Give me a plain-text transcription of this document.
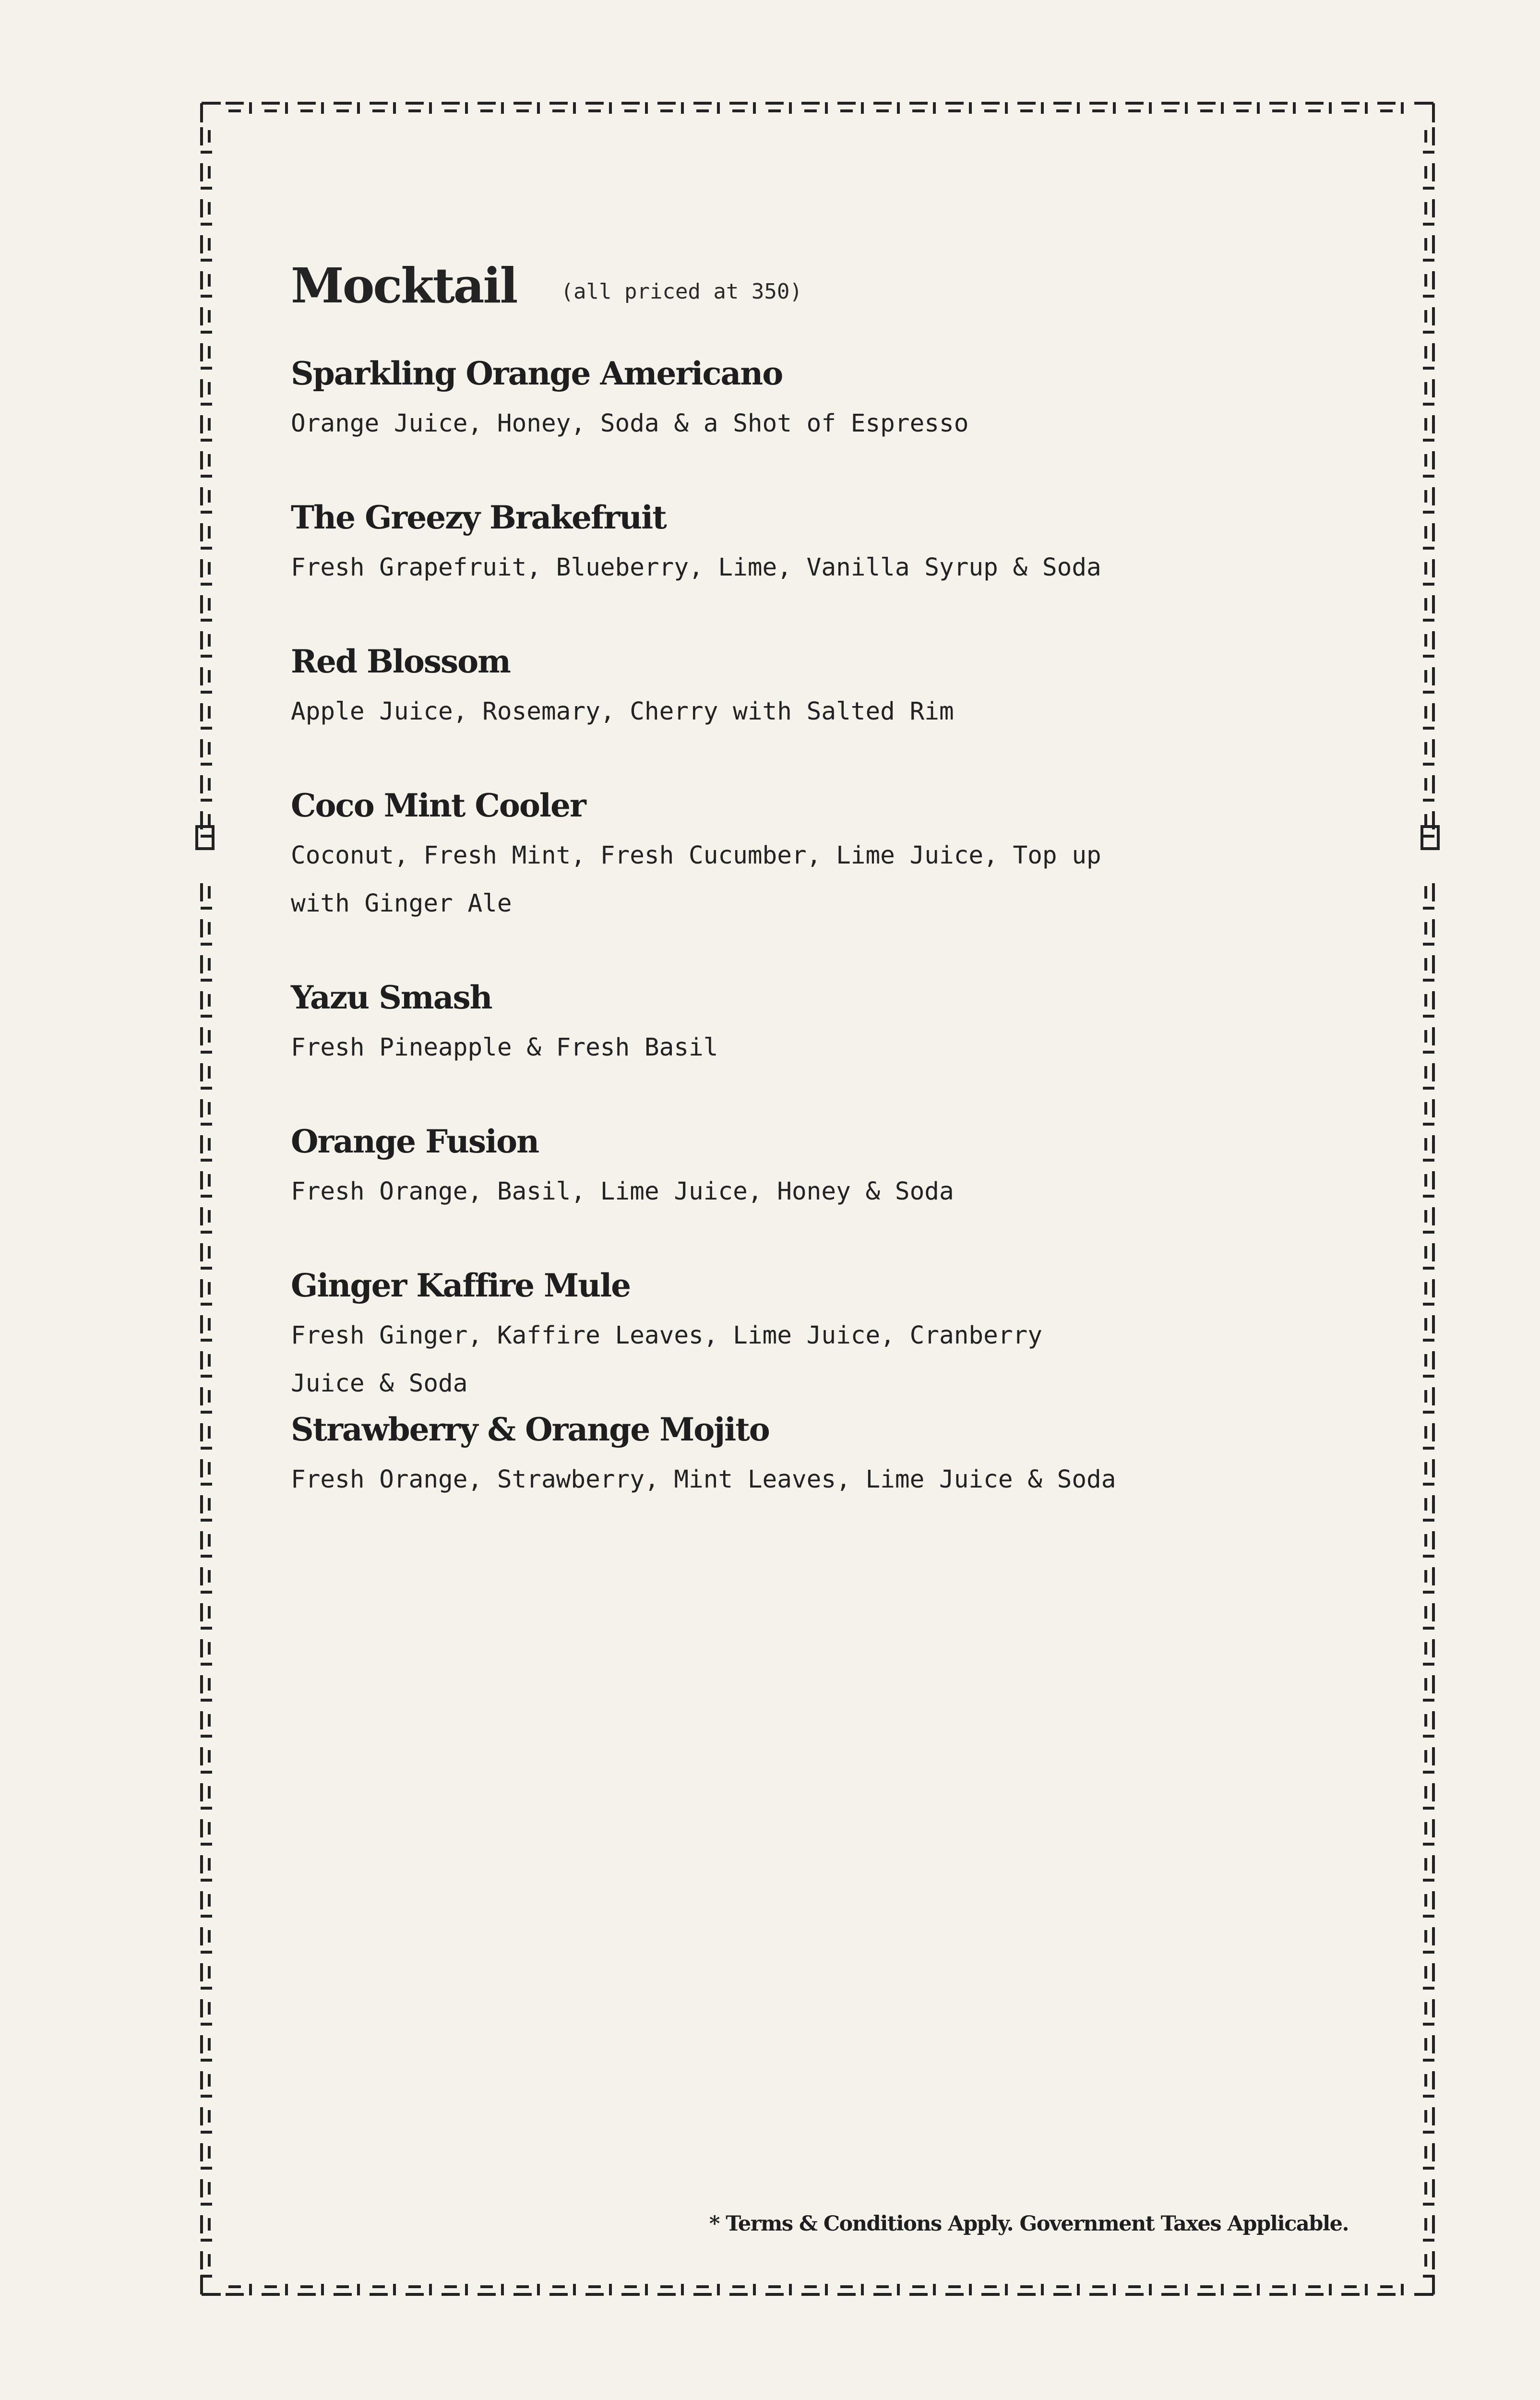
Mocktail (all priced at 350)
Sparkling Orange Americano
Orange Juice, Honey, Soda & a Shot of Espresso
The Greezy Brakefruit
Fresh Grapefruit, Blueberry, Lime, Vanilla Syrup & Soda
Red Blossom
Apple Juice, Rosemary, Cherry with Salted Rim
Coco Mint Cooler
Coconut, Fresh Mint, Fresh Cucumber, Lime Juice, Top up with Ginger Ale
Yazu Smash
Fresh Pineapple & Fresh Basil
Orange Fusion
Fresh Orange, Basil, Lime Juice, Honey & Soda
Ginger Kaffire Mule
Fresh Ginger, Kaffire Leaves, Lime Juice, Cranberry Juice & Soda
Strawberry & Orange Mojito
Fresh Orange, Strawberry, Mint Leaves, Lime Juice & Soda
* Terms & Conditions Apply. Government Taxes Applicable.
